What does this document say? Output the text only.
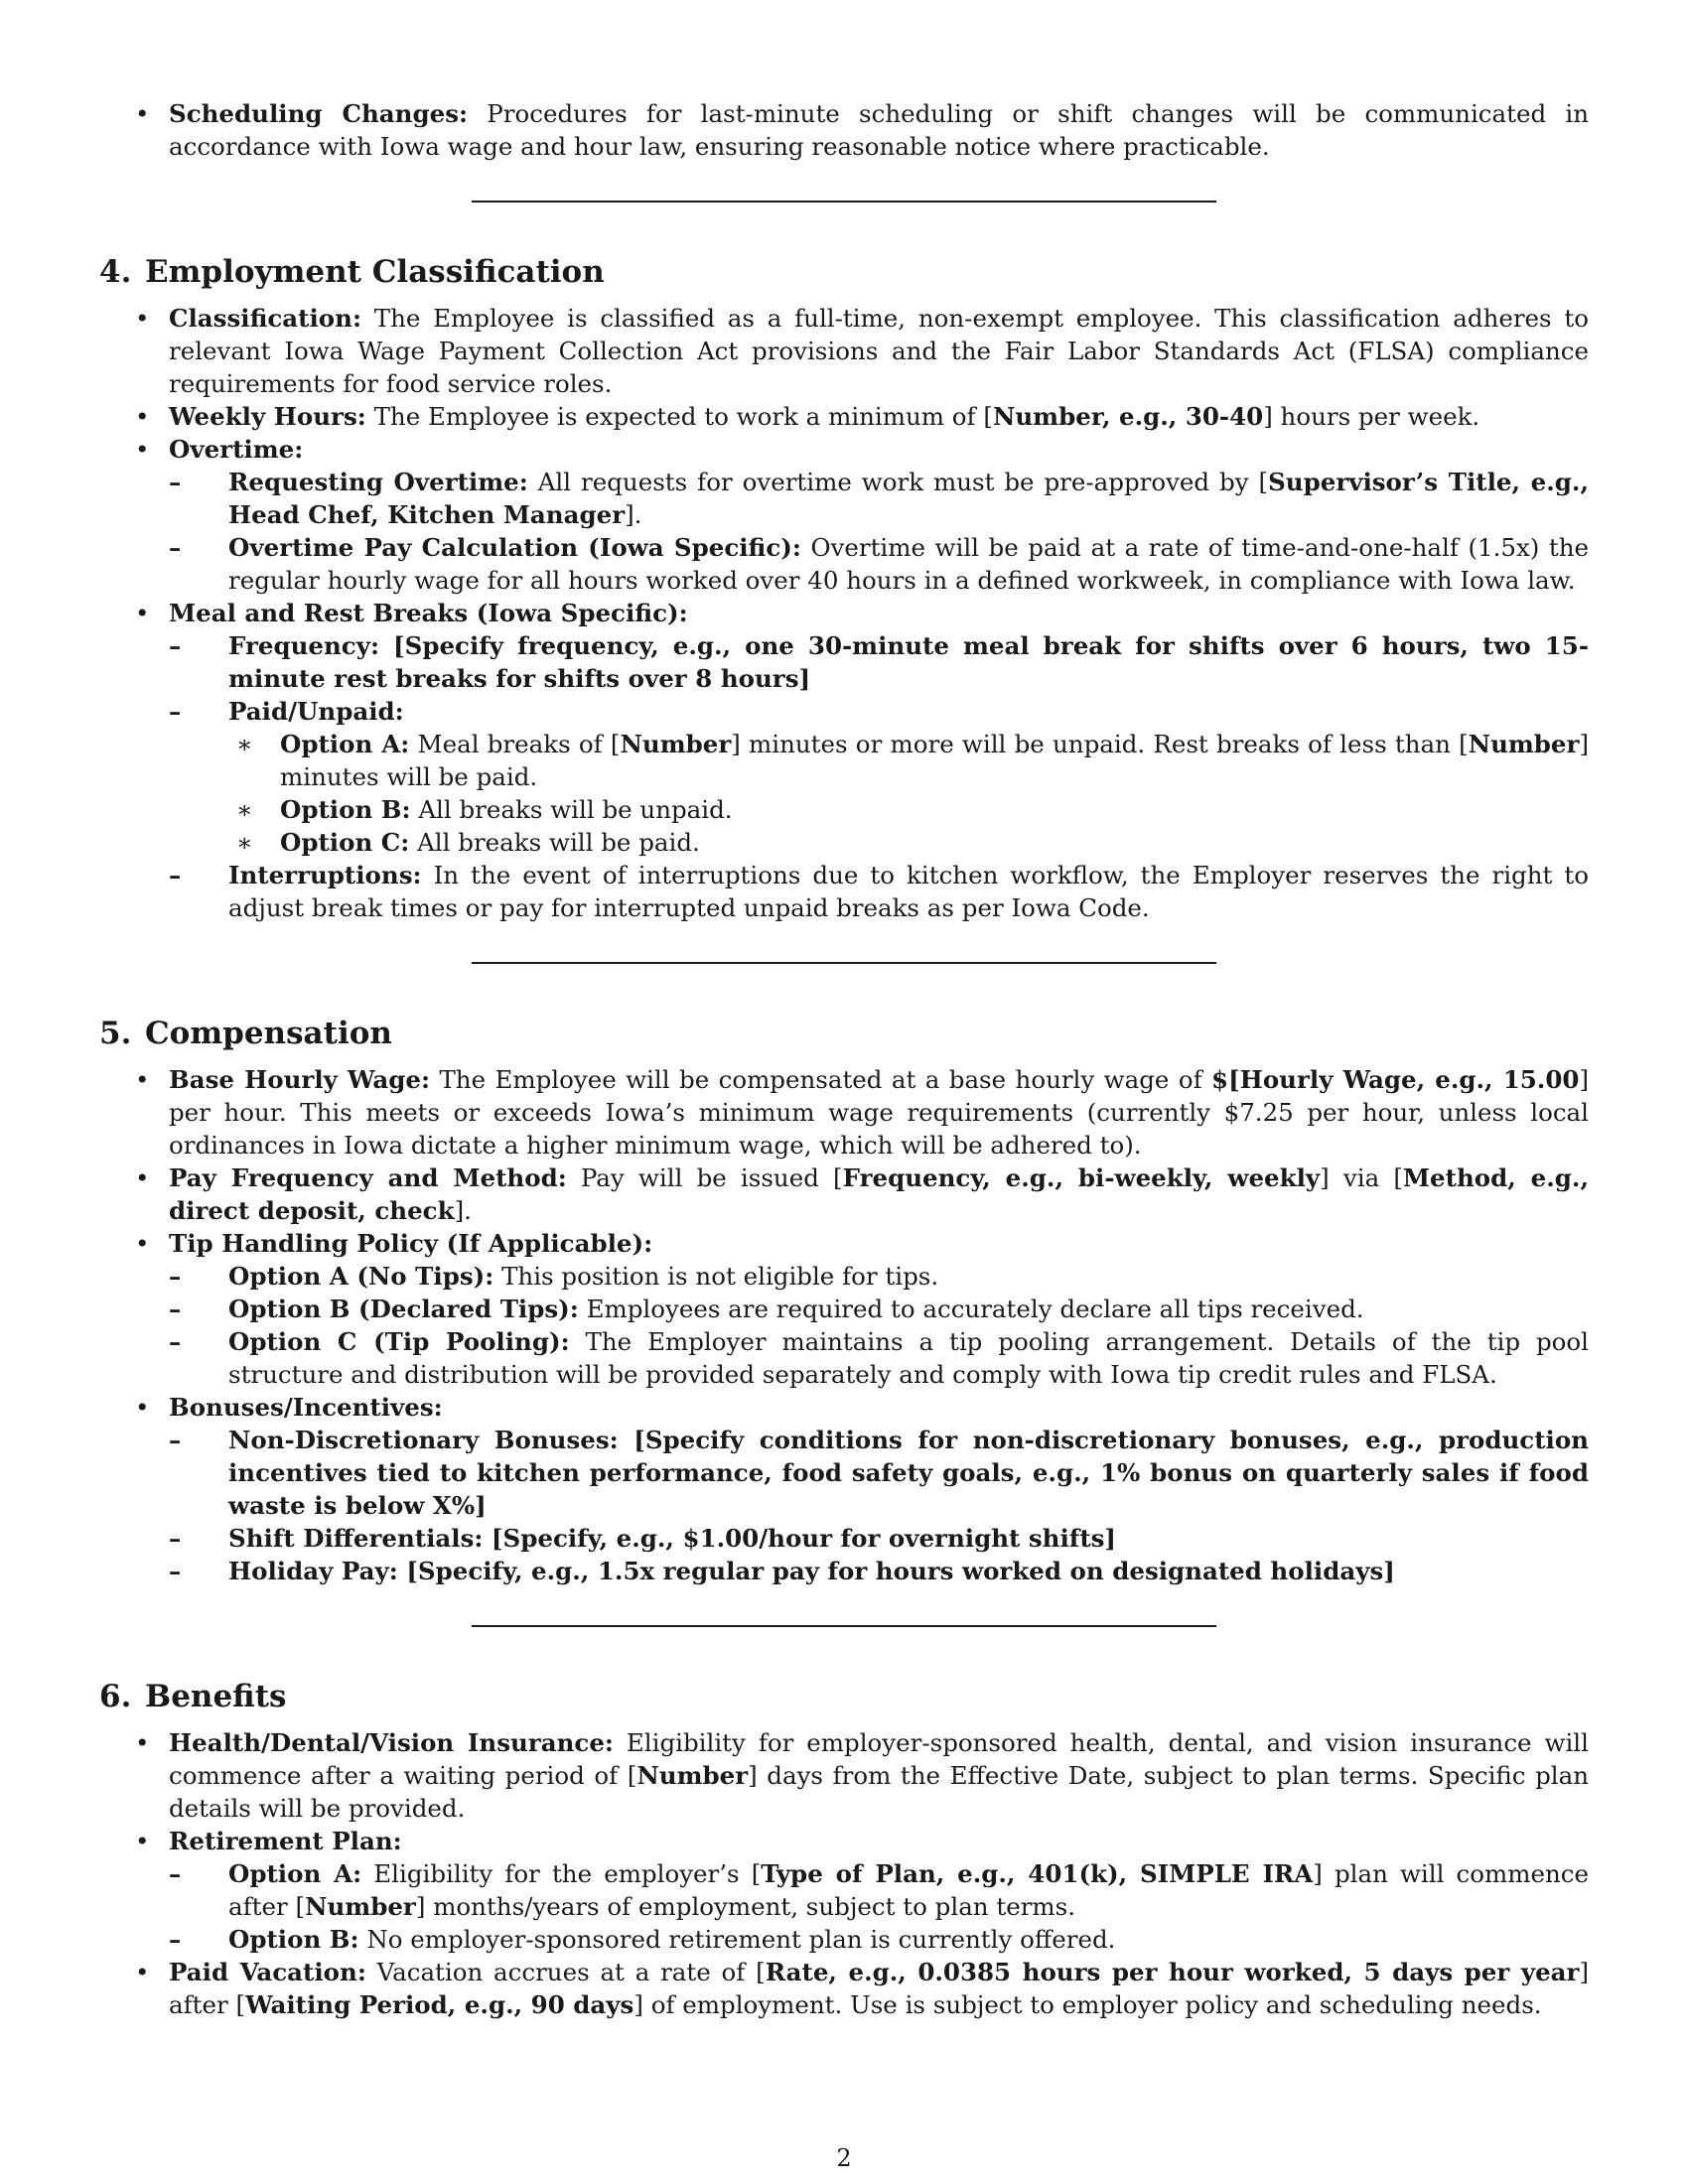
• Scheduling Changes: Procedures for last-minute scheduling or shift changes will be communicated in accordance with Iowa wage and hour law, ensuring reasonable notice where practicable.
4. Employment Classification
• Classification: The Employee is classified as a full-time, non-exempt employee. This classification adheres to relevant Iowa Wage Payment Collection Act provisions and the Fair Labor Standards Act (FLSA) compliance requirements for food service roles.
• Weekly Hours: The Employee is expected to work a minimum of [Number, e.g., 30-40] hours per week.
• Overtime:
– Requesting Overtime: All requests for overtime work must be pre-approved by [Supervisor’s Title, e.g., Head Chef, Kitchen Manager].
– Overtime Pay Calculation (Iowa Specific): Overtime will be paid at a rate of time-and-one-half (1.5x) the regular hourly wage for all hours worked over 40 hours in a defined workweek, in compliance with Iowa law.
• Meal and Rest Breaks (Iowa Specific):
– Frequency: [Specify frequency, e.g., one 30-minute meal break for shifts over 6 hours, two 15-minute rest breaks for shifts over 8 hours]
– Paid/Unpaid:
∗ Option A: Meal breaks of [Number] minutes or more will be unpaid. Rest breaks of less than [Number] minutes will be paid.
∗ Option B: All breaks will be unpaid.
∗ Option C: All breaks will be paid.
– Interruptions: In the event of interruptions due to kitchen workflow, the Employer reserves the right to adjust break times or pay for interrupted unpaid breaks as per Iowa Code.
5. Compensation
• Base Hourly Wage: The Employee will be compensated at a base hourly wage of $[Hourly Wage, e.g., 15.00] per hour. This meets or exceeds Iowa’s minimum wage requirements (currently $7.25 per hour, unless local ordinances in Iowa dictate a higher minimum wage, which will be adhered to).
• Pay Frequency and Method: Pay will be issued [Frequency, e.g., bi-weekly, weekly] via [Method, e.g., direct deposit, check].
• Tip Handling Policy (If Applicable):
– Option A (No Tips): This position is not eligible for tips.
– Option B (Declared Tips): Employees are required to accurately declare all tips received.
– Option C (Tip Pooling): The Employer maintains a tip pooling arrangement. Details of the tip pool structure and distribution will be provided separately and comply with Iowa tip credit rules and FLSA.
• Bonuses/Incentives:
– Non-Discretionary Bonuses: [Specify conditions for non-discretionary bonuses, e.g., production incentives tied to kitchen performance, food safety goals, e.g., 1% bonus on quarterly sales if food waste is below X%]
– Shift Differentials: [Specify, e.g., $1.00/hour for overnight shifts]
– Holiday Pay: [Specify, e.g., 1.5x regular pay for hours worked on designated holidays]
6. Benefits
• Health/Dental/Vision Insurance: Eligibility for employer-sponsored health, dental, and vision insurance will commence after a waiting period of [Number] days from the Effective Date, subject to plan terms. Specific plan details will be provided.
• Retirement Plan:
– Option A: Eligibility for the employer’s [Type of Plan, e.g., 401(k), SIMPLE IRA] plan will commence after [Number] months/years of employment, subject to plan terms.
– Option B: No employer-sponsored retirement plan is currently offered.
• Paid Vacation: Vacation accrues at a rate of [Rate, e.g., 0.0385 hours per hour worked, 5 days per year] after [Waiting Period, e.g., 90 days] of employment. Use is subject to employer policy and scheduling needs.
2
